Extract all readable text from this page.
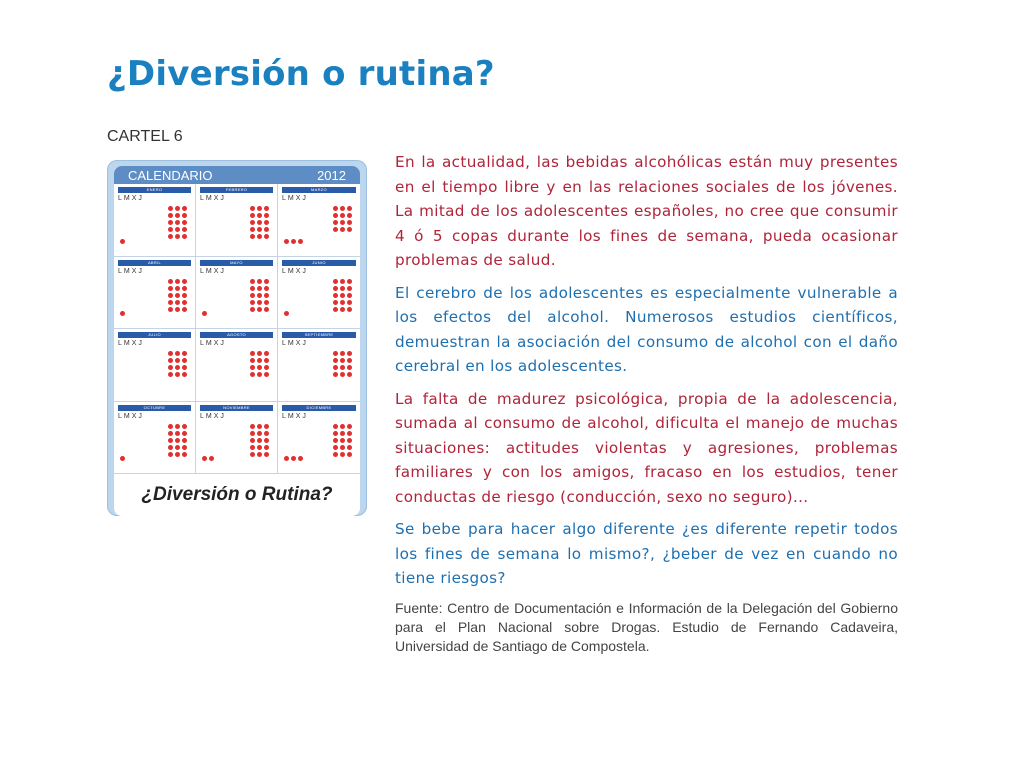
¿Diversión o rutina?
CARTEL 6
CALENDARIO	2012
ENERO
LMXJ
FEBRERO
LMXJ
MARZO
LMXJ
ABRIL
LMXJ
MAYO
LMXJ
JUNIO
LMXJ
JULIO
LMXJ
AGOSTO
LMXJ
SEPTIEMBRE
LMXJ
OCTUBRE
LMXJ
NOVIEMBRE
LMXJ
DICIEMBRE
LMXJ
¿Diversión o Rutina?

En la actualidad, las bebidas alcohólicas están muy presentes en el tiempo libre y en las relaciones sociales de los jóvenes. La mitad de los adolescentes españoles, no cree que consumir 4 ó 5 copas durante los fines de semana, pueda ocasionar problemas de salud.

El cerebro de los adolescentes es especialmente vulnerable a los efectos del alcohol. Numerosos estudios científicos, demuestran la asociación del consumo de alcohol con el daño cerebral en los adolescentes.

La falta de madurez psicológica, propia de la adolescencia, sumada al consumo de alcohol, dificulta el manejo de muchas situaciones: actitudes violentas y agresiones, problemas familiares y con los amigos, fracaso en los estudios, tener conductas de riesgo (conducción, sexo no seguro)...

Se bebe para hacer algo diferente ¿es diferente repetir todos los fines de semana lo mismo?, ¿beber de vez en cuando no tiene riesgos?

Fuente: Centro de Documentación e Información de la Delegación del Gobierno para el Plan Nacional sobre Drogas. Estudio de Fernando Cadaveira, Universidad de Santiago de Compostela.
